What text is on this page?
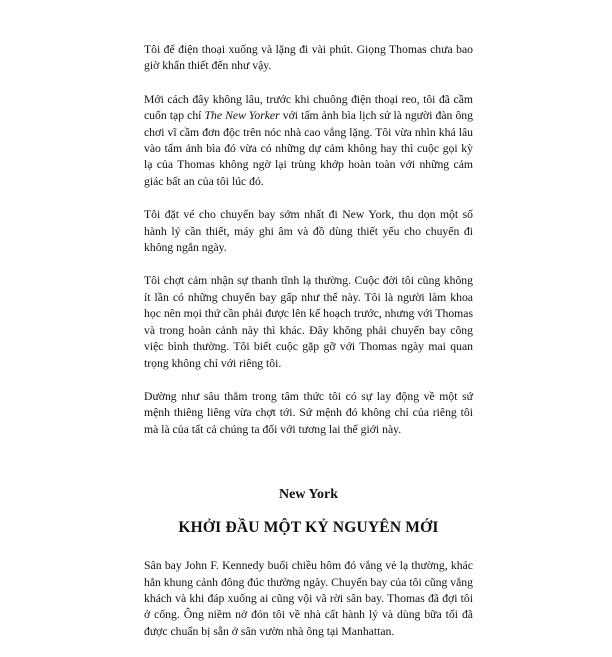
Tôi để điện thoại xuống và lặng đi vài phút. Giọng Thomas chưa bao giờ khẩn thiết đến như vậy.

Mới cách đây không lâu, trước khi chuông điện thoại reo, tôi đã cầm cuốn tạp chí The New Yorker với tấm ảnh bìa lịch sử là người đàn ông chơi vĩ cầm đơn độc trên nóc nhà cao vắng lặng. Tôi vừa nhìn khá lâu vào tấm ảnh bìa đó vừa có những dự cảm không hay thì cuộc gọi kỳ lạ của Thomas không ngờ lại trùng khớp hoàn toàn với những cảm giác bất an của tôi lúc đó.

Tôi đặt vé cho chuyến bay sớm nhất đi New York, thu dọn một số hành lý cần thiết, máy ghi âm và đồ dùng thiết yếu cho chuyến đi không ngắn ngày.

Tôi chợt cảm nhận sự thanh tĩnh lạ thường. Cuộc đời tôi cũng không ít lần có những chuyến bay gấp như thế này. Tôi là người làm khoa học nên mọi thứ cần phải được lên kế hoạch trước, nhưng với Thomas và trong hoàn cảnh này thì khác. Đây không phải chuyến bay công việc bình thường. Tôi biết cuộc gặp gỡ với Thomas ngày mai quan trọng không chỉ với riêng tôi.

Dường như sâu thẳm trong tâm thức tôi có sự lay động về một sứ mệnh thiêng liêng vừa chợt tới. Sứ mệnh đó không chỉ của riêng tôi mà là của tất cả chúng ta đối với tương lai thế giới này.

New York
KHỞI ĐẦU MỘT KỶ NGUYÊN MỚI

Sân bay John F. Kennedy buổi chiều hôm đó vắng vẻ lạ thường, khác hẳn khung cảnh đông đúc thường ngày. Chuyến bay của tôi cũng vắng khách và khi đáp xuống ai cũng vội vã rời sân bay. Thomas đã đợi tôi ở cổng. Ông niềm nở đón tôi về nhà cất hành lý và dùng bữa tối đã được chuẩn bị sẵn ở sân vườn nhà ông tại Manhattan.
